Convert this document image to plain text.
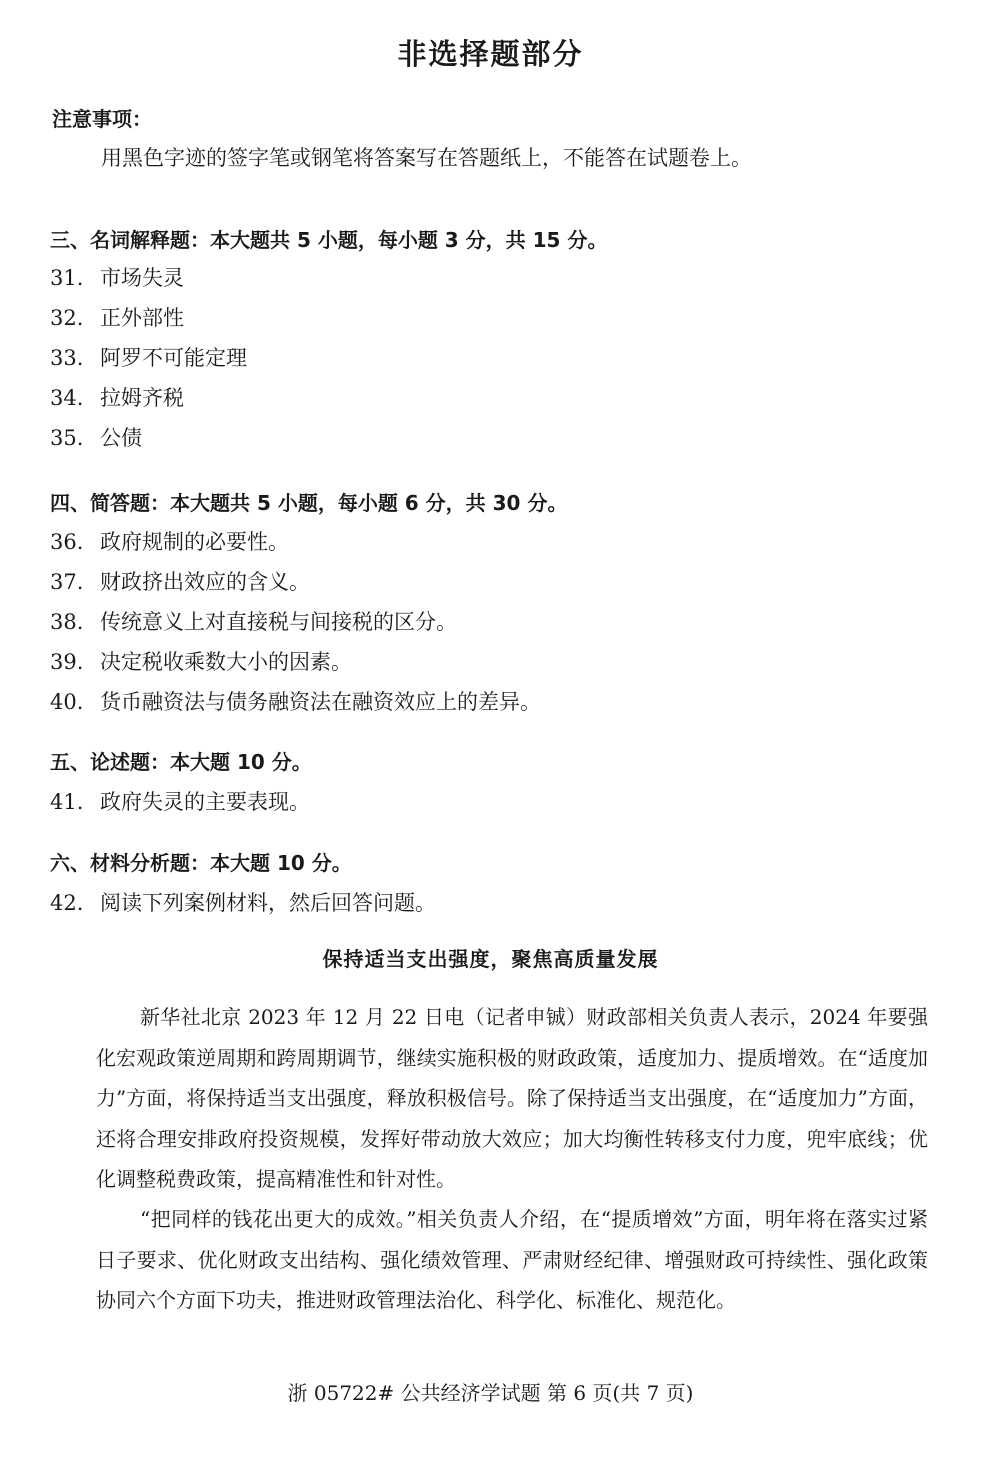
非选择题部分
注意事项：
用黑色字迹的签字笔或钢笔将答案写在答题纸上，不能答在试题卷上。
三、名词解释题：本大题共 5 小题，每小题 3 分，共 15 分。
31. 市场失灵
32. 正外部性
33. 阿罗不可能定理
34. 拉姆齐税
35. 公债
四、简答题：本大题共 5 小题，每小题 6 分，共 30 分。
36. 政府规制的必要性。
37. 财政挤出效应的含义。
38. 传统意义上对直接税与间接税的区分。
39. 决定税收乘数大小的因素。
40. 货币融资法与债务融资法在融资效应上的差异。
五、论述题：本大题 10 分。
41. 政府失灵的主要表现。
六、材料分析题：本大题 10 分。
42. 阅读下列案例材料，然后回答问题。
保持适当支出强度，聚焦高质量发展

新华社北京 2023 年 12 月 22 日电（记者申铖）财政部相关负责人表示，2024 年要强化宏观政策逆周期和跨周期调节，继续实施积极的财政政策，适度加力、提质增效。在“适度加力”方面，将保持适当支出强度，释放积极信号。除了保持适当支出强度，在“适度加力”方面，还将合理安排政府投资规模，发挥好带动放大效应；加大均衡性转移支付力度，兜牢底线；优化调整税费政策，提高精准性和针对性。

“把同样的钱花出更大的成效。”相关负责人介绍，在“提质增效”方面，明年将在落实过紧日子要求、优化财政支出结构、强化绩效管理、严肃财经纪律、增强财政可持续性、强化政策协同六个方面下功夫，推进财政管理法治化、科学化、标准化、规范化。

浙 05722# 公共经济学试题 第 6 页(共 7 页)
